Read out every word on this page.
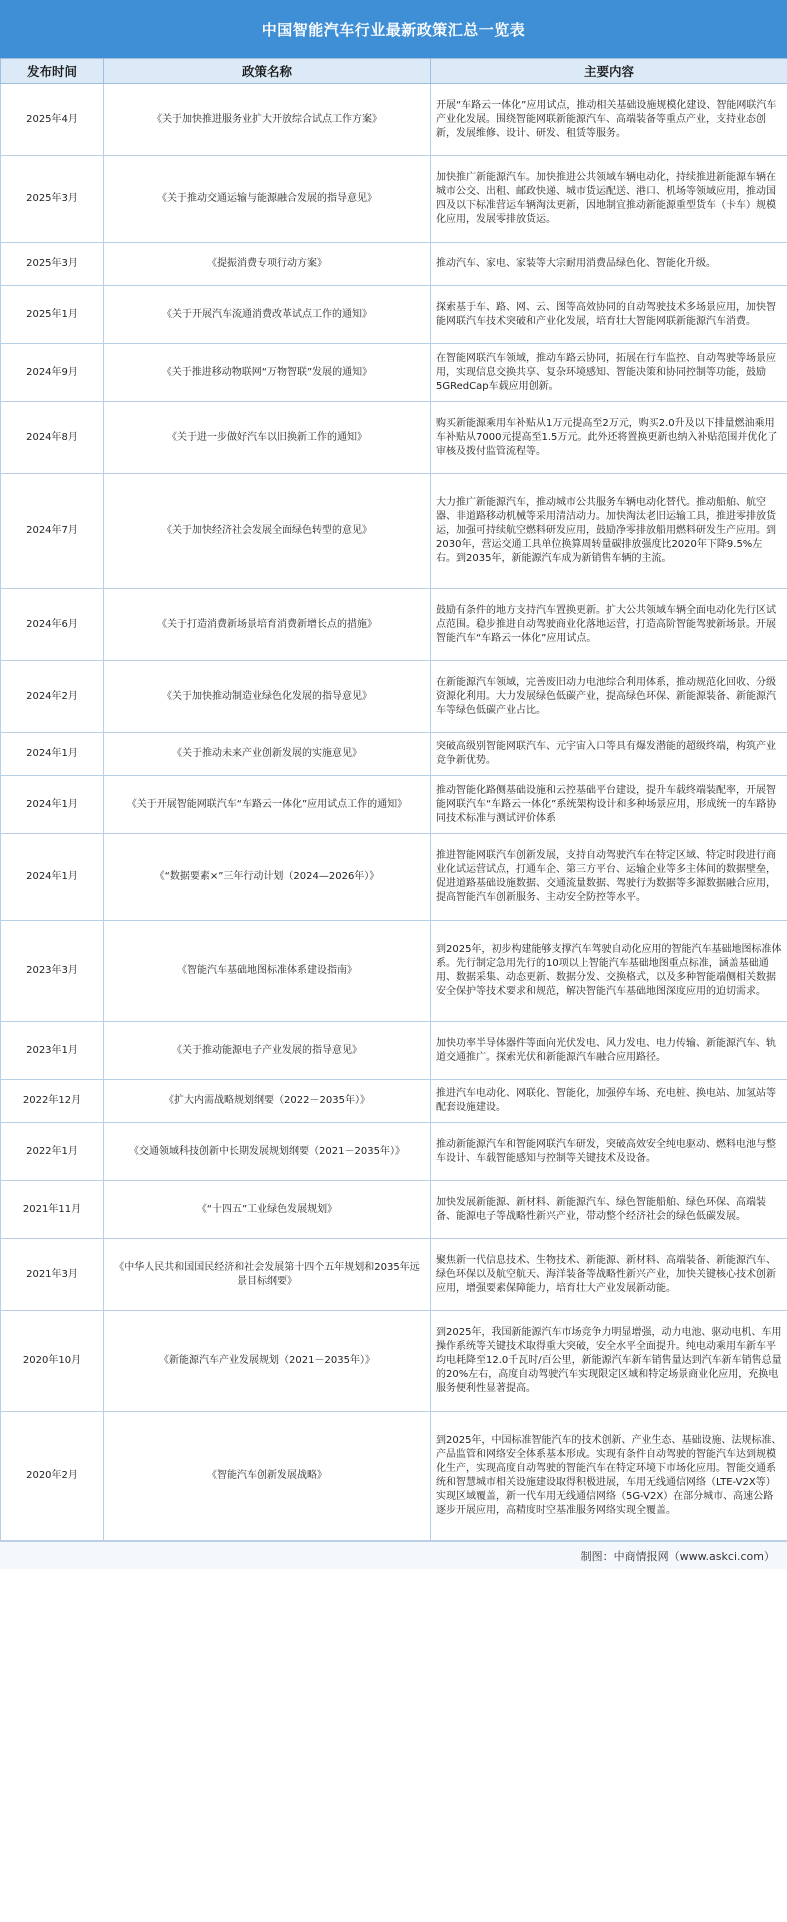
中国智能汽车行业最新政策汇总一览表
发布时间	政策名称	主要内容
2025年4月	《关于加快推进服务业扩大开放综合试点工作方案》	开展“车路云一体化”应用试点，推动相关基础设施规模化建设、智能网联汽车产业化发展。围绕智能网联新能源汽车、高端装备等重点产业，支持业态创新，发展维修、设计、研发、租赁等服务。
2025年3月	《关于推动交通运输与能源融合发展的指导意见》	加快推广新能源汽车。加快推进公共领域车辆电动化，持续推进新能源车辆在城市公交、出租、邮政快递、城市货运配送、港口、机场等领域应用，推动国四及以下标准营运车辆淘汰更新，因地制宜推动新能源重型货车（卡车）规模化应用，发展零排放货运。
2025年3月	《提振消费专项行动方案》	推动汽车、家电、家装等大宗耐用消费品绿色化、智能化升级。
2025年1月	《关于开展汽车流通消费改革试点工作的通知》	探索基于车、路、网、云、图等高效协同的自动驾驶技术多场景应用，加快智能网联汽车技术突破和产业化发展，培育壮大智能网联新能源汽车消费。
2024年9月	《关于推进移动物联网“万物智联”发展的通知》	在智能网联汽车领域，推动车路云协同，拓展在行车监控、自动驾驶等场景应用，实现信息交换共享、复杂环境感知、智能决策和协同控制等功能，鼓励5GRedCap车载应用创新。
2024年8月	《关于进一步做好汽车以旧换新工作的通知》	购买新能源乘用车补贴从1万元提高至2万元，购买2.0升及以下排量燃油乘用车补贴从7000元提高至1.5万元。此外还将置换更新也纳入补贴范围并优化了审核及拨付监管流程等。
2024年7月	《关于加快经济社会发展全面绿色转型的意见》	大力推广新能源汽车，推动城市公共服务车辆电动化替代。推动船舶、航空器、非道路移动机械等采用清洁动力。加快淘汰老旧运输工具，推进零排放货运，加强可持续航空燃料研发应用，鼓励净零排放船用燃料研发生产应用。到2030年，营运交通工具单位换算周转量碳排放强度比2020年下降9.5%左右。到2035年，新能源汽车成为新销售车辆的主流。
2024年6月	《关于打造消费新场景培育消费新增长点的措施》	鼓励有条件的地方支持汽车置换更新。扩大公共领域车辆全面电动化先行区试点范围。稳步推进自动驾驶商业化落地运营，打造高阶智能驾驶新场景。开展智能汽车“车路云一体化”应用试点。
2024年2月	《关于加快推动制造业绿色化发展的指导意见》	在新能源汽车领域，完善废旧动力电池综合利用体系，推动规范化回收、分级资源化利用。大力发展绿色低碳产业，提高绿色环保、新能源装备、新能源汽车等绿色低碳产业占比。
2024年1月	《关于推动未来产业创新发展的实施意见》	突破高级别智能网联汽车、元宇宙入口等具有爆发潜能的超级终端，构筑产业竞争新优势。
2024年1月	《关于开展智能网联汽车“车路云一体化”应用试点工作的通知》	推动智能化路侧基础设施和云控基础平台建设，提升车载终端装配率，开展智能网联汽车“车路云一体化”系统架构设计和多种场景应用，形成统一的车路协同技术标准与测试评价体系
2024年1月	《“数据要素×”三年行动计划（2024—2026年）》	推进智能网联汽车创新发展，支持自动驾驶汽车在特定区域、特定时段进行商业化试运营试点，打通车企、第三方平台、运输企业等多主体间的数据壁垒，促进道路基础设施数据、交通流量数据、驾驶行为数据等多源数据融合应用，提高智能汽车创新服务、主动安全防控等水平。
2023年3月	《智能汽车基础地图标准体系建设指南》	到2025年，初步构建能够支撑汽车驾驶自动化应用的智能汽车基础地图标准体系。先行制定急用先行的10项以上智能汽车基础地图重点标准，涵盖基础通用、数据采集、动态更新、数据分发、交换格式，以及多种智能端侧相关数据安全保护等技术要求和规范，解决智能汽车基础地图深度应用的迫切需求。
2023年1月	《关于推动能源电子产业发展的指导意见》	加快功率半导体器件等面向光伏发电、风力发电、电力传输、新能源汽车、轨道交通推广。探索光伏和新能源汽车融合应用路径。
2022年12月	《扩大内需战略规划纲要（2022－2035年）》	推进汽车电动化、网联化、智能化，加强停车场、充电桩、换电站、加氢站等配套设施建设。
2022年1月	《交通领域科技创新中长期发展规划纲要（2021－2035年）》	推动新能源汽车和智能网联汽车研发，突破高效安全纯电驱动、燃料电池与整车设计、车载智能感知与控制等关键技术及设备。
2021年11月	《“十四五”工业绿色发展规划》	加快发展新能源、新材料、新能源汽车、绿色智能船舶、绿色环保、高端装备、能源电子等战略性新兴产业，带动整个经济社会的绿色低碳发展。
2021年3月	《中华人民共和国国民经济和社会发展第十四个五年规划和2035年远景目标纲要》	聚焦新一代信息技术、生物技术、新能源、新材料、高端装备、新能源汽车、绿色环保以及航空航天、海洋装备等战略性新兴产业，加快关键核心技术创新应用，增强要素保障能力，培育壮大产业发展新动能。
2020年10月	《新能源汽车产业发展规划（2021－2035年）》	到2025年，我国新能源汽车市场竞争力明显增强，动力电池、驱动电机、车用操作系统等关键技术取得重大突破，安全水平全面提升。纯电动乘用车新车平均电耗降至12.0千瓦时/百公里，新能源汽车新车销售量达到汽车新车销售总量的20%左右，高度自动驾驶汽车实现限定区域和特定场景商业化应用，充换电服务便利性显著提高。
2020年2月	《智能汽车创新发展战略》	到2025年，中国标准智能汽车的技术创新、产业生态、基础设施、法规标准、产品监管和网络安全体系基本形成。实现有条件自动驾驶的智能汽车达到规模化生产，实现高度自动驾驶的智能汽车在特定环境下市场化应用。智能交通系统和智慧城市相关设施建设取得积极进展，车用无线通信网络（LTE-V2X等）实现区域覆盖，新一代车用无线通信网络（5G-V2X）在部分城市、高速公路逐步开展应用，高精度时空基准服务网络实现全覆盖。
制图：中商情报网（www.askci.com）
